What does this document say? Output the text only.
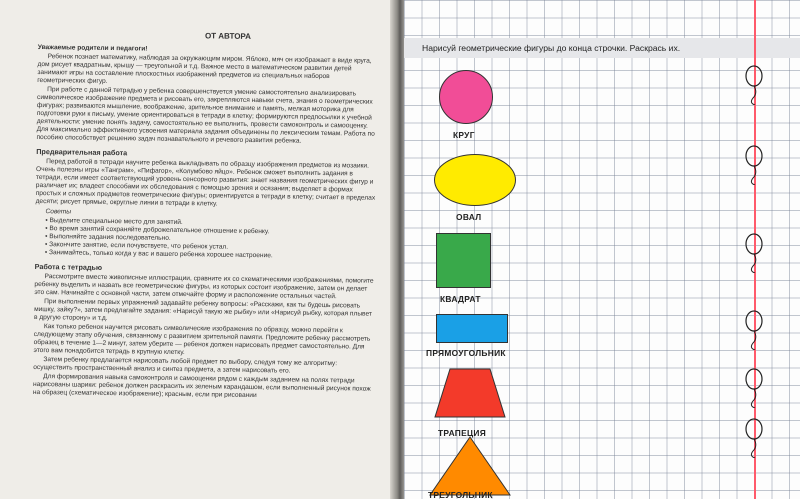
ОТ АВТОРА
Уважаемые родители и педагоги!

Ребенок познает математику, наблюдая за окружающим миром. Яблоко, мяч он изображает в виде круга, дом рисует квадратным, крышу — треугольной и т.д. Важное место в математическом развитии детей занимают игры на составление плоскостных изображений предметов из специальных наборов геометрических фигур.

При работе с данной тетрадью у ребенка совершенствуется умение самостоятельно анализировать символическое изображение предмета и рисовать его, закрепляются навыки счета, знания о геометрических фигурах; развиваются мышление, воображение, зрительное внимание и память, мелкая моторика для подготовки руки к письму, умение ориентироваться в тетради в клетку; формируются предпосылки к учебной деятельности: умение понять задачу, самостоятельно ее выполнить, провести самоконтроль и самооценку. Для максимально эффективного усвоения материала задания объединены по лексическим темам. Работа по пособию способствует решению задач познавательного и речевого развития ребенка.

Предварительная работа

Перед работой в тетради научите ребенка выкладывать по образцу изображения предметов из мозаики. Очень полезны игры «Танграм», «Пифагор», «Колумбово яйцо». Ребенок сможет выполнить задания в тетради, если имеет соответствующий уровень сенсорного развития: знает названия геометрических фигур и различает их; владеет способами их обследования с помощью зрения и осязания; выделяет в формах простых и сложных предметов геометрические фигуры; ориентируется в тетради в клетку; считает в пределах десяти; рисует прямые, округлые линии в тетради в клетку.

Советы
• Выделите специальное место для занятий.
• Во время занятий сохраняйте доброжелательное отношение к ребенку.
• Выполняйте задания последовательно.
• Закончите занятие, если почувствуете, что ребенок устал.
• Занимайтесь, только когда у вас и вашего ребенка хорошее настроение.
Работа с тетрадью

Рассмотрите вместе живописные иллюстрации, сравните их со схематическими изображениями, помогите ребенку выделить и назвать все геометрические фигуры, из которых состоит изображение, затем он делает это сам. Начинайте с основной части, затем отмечайте форму и расположение остальных частей.

При выполнении первых упражнений задавайте ребенку вопросы: «Расскажи, как ты будешь рисовать мишку, зайку?», затем предлагайте задания: «Нарисуй такую же рыбку» или «Нарисуй рыбку, которая плывет в другую сторону» и т.д.

Как только ребенок научится рисовать символические изображения по образцу, можно перейти к следующему этапу обучения, связанному с развитием зрительной памяти. Предложите ребенку рассмотреть образец в течение 1—2 минут, затем уберите — ребенок должен нарисовать предмет самостоятельно. Для этого вам понадобится тетрадь в крупную клетку.

Затем ребенку предлагается нарисовать любой предмет по выбору, следуя тому же алгоритму: осуществить пространственный анализ и синтез предмета, а затем нарисовать его.

Для формирования навыка самоконтроля и самооценки рядом с каждым заданием на полях тетради нарисованы шарики: ребенок должен раскрасить их зеленым карандашом, если выполненный рисунок похож на образец (схематическое изображение); красным, если при рисовании

Нарисуй геометрические фигуры до конца строчки. Раскрась их.
КРУГ
ОВАЛ
КВАДРАТ
ПРЯМОУГОЛЬНИК
ТРАПЕЦИЯ
ТРЕУГОЛЬНИК
